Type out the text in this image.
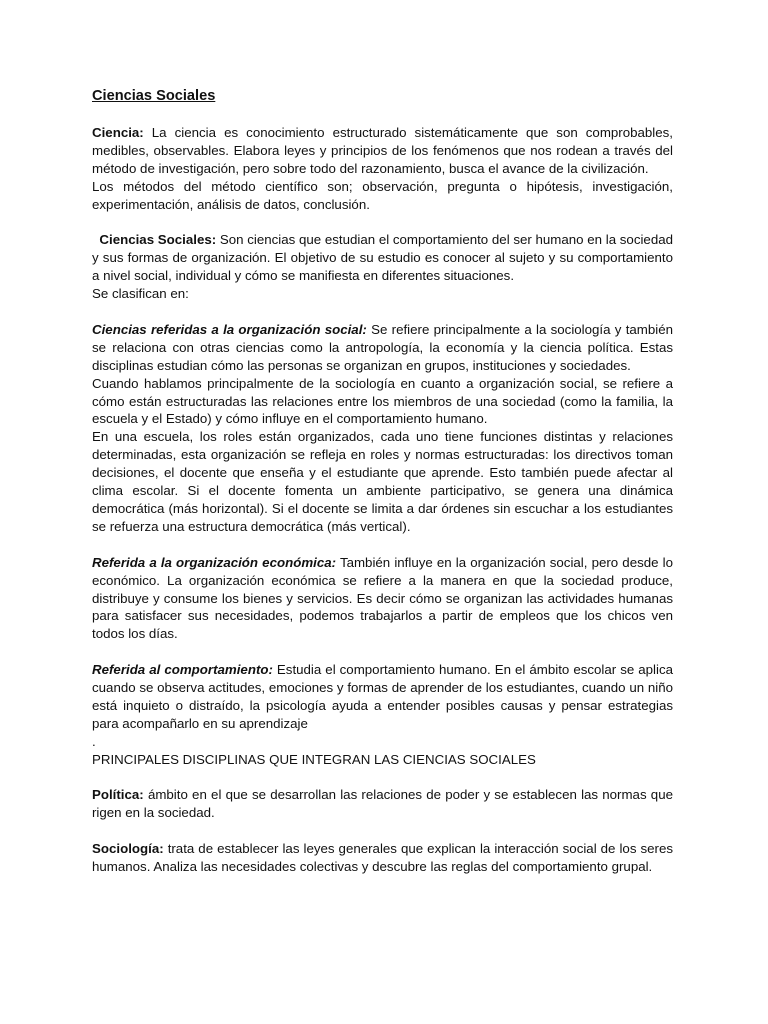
Ciencias Sociales

Ciencia: La ciencia es conocimiento estructurado sistemáticamente que son comprobables, medibles, observables. Elabora leyes y principios de los fenómenos que nos rodean a través del método de investigación, pero sobre todo del razonamiento, busca el avance de la civilización.

Los métodos del método científico son; observación, pregunta o hipótesis, investigación, experimentación, análisis de datos, conclusión.

Ciencias Sociales: Son ciencias que estudian el comportamiento del ser humano en la sociedad y sus formas de organización. El objetivo de su estudio es conocer al sujeto y su comportamiento a nivel social, individual y cómo se manifiesta en diferentes situaciones.

Se clasifican en:

Ciencias referidas a la organización social: Se refiere principalmente a la sociología y también se relaciona con otras ciencias como la antropología, la economía y la ciencia política. Estas disciplinas estudian cómo las personas se organizan en grupos, instituciones y sociedades.

Cuando hablamos principalmente de la sociología en cuanto a organización social, se refiere a cómo están estructuradas las relaciones entre los miembros de una sociedad (como la familia, la escuela y el Estado) y cómo influye en el comportamiento humano.

En una escuela, los roles están organizados, cada uno tiene funciones distintas y relaciones determinadas, esta organización se refleja en roles y normas estructuradas: los directivos toman decisiones, el docente que enseña y el estudiante que aprende. Esto también puede afectar al clima escolar. Si el docente fomenta un ambiente participativo, se genera una dinámica democrática (más horizontal). Si el docente se limita a dar órdenes sin escuchar a los estudiantes se refuerza una estructura democrática (más vertical).

Referida a la organización económica: También influye en la organización social, pero desde lo económico. La organización económica se refiere a la manera en que la sociedad produce, distribuye y consume los bienes y servicios. Es decir cómo se organizan las actividades humanas para satisfacer sus necesidades, podemos trabajarlos a partir de empleos que los chicos ven todos los días.

Referida al comportamiento: Estudia el comportamiento humano. En el ámbito escolar se aplica cuando se observa actitudes, emociones y formas de aprender de los estudiantes, cuando un niño está inquieto o distraído, la psicología ayuda a entender posibles causas y pensar estrategias para acompañarlo en su aprendizaje

.

PRINCIPALES DISCIPLINAS QUE INTEGRAN LAS CIENCIAS SOCIALES

Política: ámbito en el que se desarrollan las relaciones de poder y se establecen las normas que rigen en la sociedad.

Sociología: trata de establecer las leyes generales que explican la interacción social de los seres humanos. Analiza las necesidades colectivas y descubre las reglas del comportamiento grupal.
